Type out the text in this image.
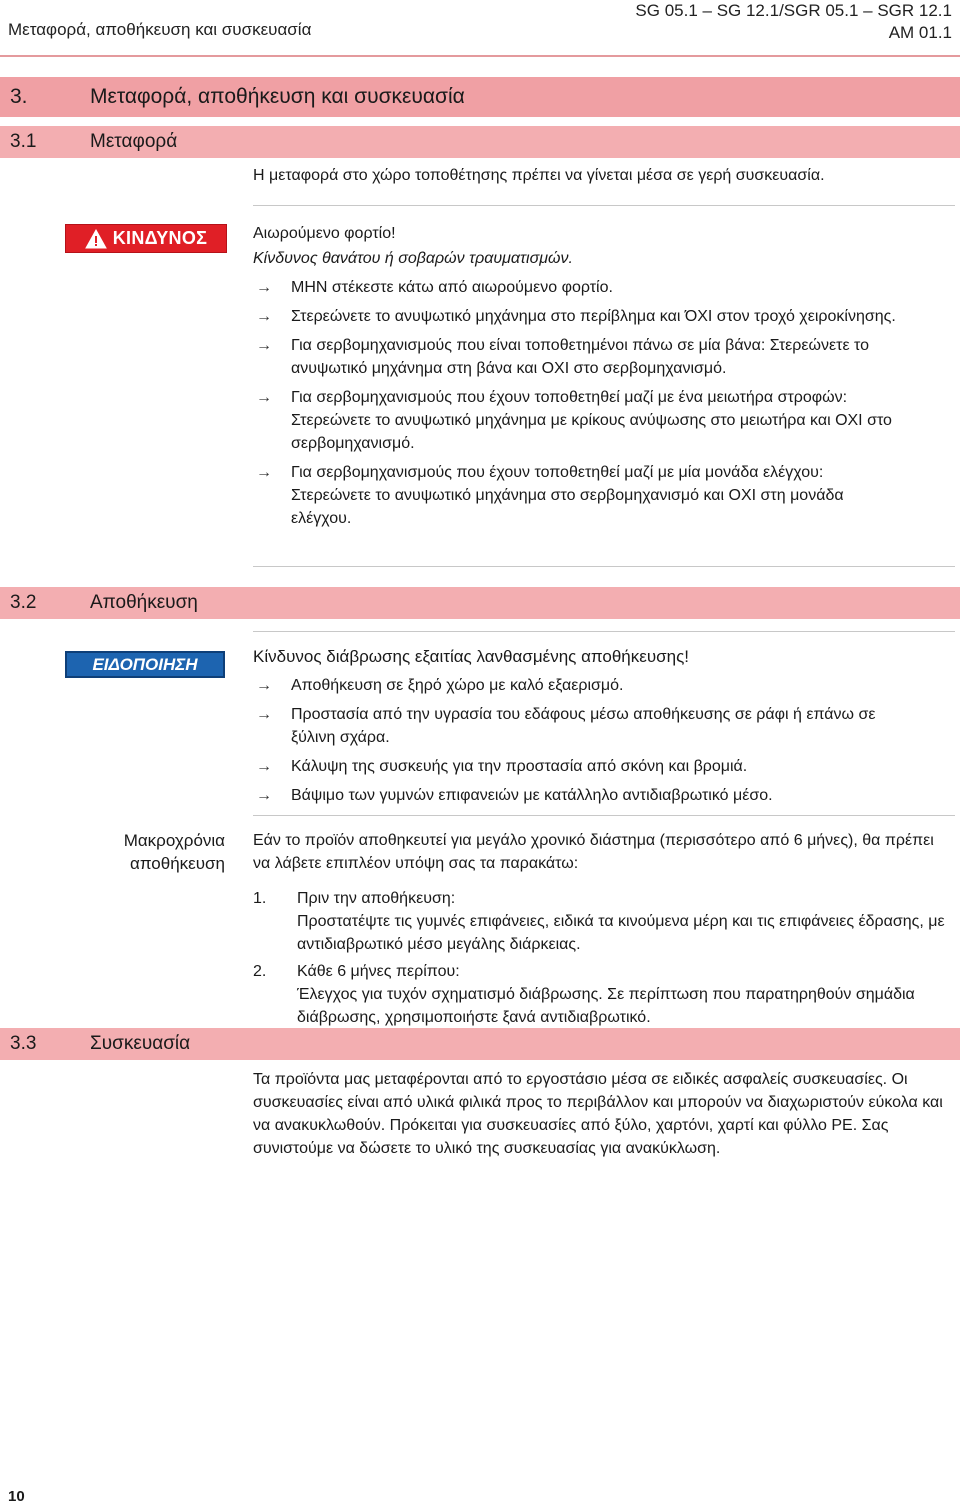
Μεταφορά, αποθήκευση και συσκευασία
SG 05.1 – SG 12.1/SGR 05.1 – SGR 12.1
AM 01.1
3.	Μεταφορά, αποθήκευση και συσκευασία
3.1	Μεταφορά
Η μεταφορά στο χώρο τοποθέτησης πρέπει να γίνεται μέσα σε γερή συσκευασία.
ΚΙΝΔΥΝΟΣ	Αιωρούμενο φορτίο!
Κίνδυνος θανάτου ή σοβαρών τραυματισμών.
→	ΜΗΝ στέκεστε κάτω από αιωρούμενο φορτίο.
→	Στερεώνετε το ανυψωτικό μηχάνημα στο περίβλημα και ΌΧΙ στον τροχό χειροκίνησης.
→	Για σερβομηχανισμούς που είναι τοποθετημένοι πάνω σε μία βάνα: Στερεώνετε το ανυψωτικό μηχάνημα στη βάνα και ΟΧΙ στο σερβομηχανισμό.
→	Για σερβομηχανισμούς που έχουν τοποθετηθεί μαζί με ένα μειωτήρα στροφών: Στερεώνετε το ανυψωτικό μηχάνημα με κρίκους ανύψωσης στο μειωτήρα και ΟΧΙ στο σερβομηχανισμό.
→	Για σερβομηχανισμούς που έχουν τοποθετηθεί μαζί με μία μονάδα ελέγχου: Στερεώνετε το ανυψωτικό μηχάνημα στο σερβομηχανισμό και ΟΧΙ στη μονάδα ελέγχου.
3.2	Αποθήκευση
ΕΙΔΟΠΟΙΗΣΗ	Κίνδυνος διάβρωσης εξαιτίας λανθασμένης αποθήκευσης!
→	Αποθήκευση σε ξηρό χώρο με καλό εξαερισμό.
→	Προστασία από την υγρασία του εδάφους μέσω αποθήκευσης σε ράφι ή επάνω σε ξύλινη σχάρα.
→	Κάλυψη της συσκευής για την προστασία από σκόνη και βρομιά.
→	Βάψιμο των γυμνών επιφανειών με κατάλληλο αντιδιαβρωτικό μέσο.
Μακροχρόνια
αποθήκευση
Εάν το προϊόν αποθηκευτεί για μεγάλο χρονικό διάστημα (περισσότερο από 6 μήνες), θα πρέπει να λάβετε επιπλέον υπόψη σας τα παρακάτω:
1. Πριν την αποθήκευση:
Προστατέψτε τις γυμνές επιφάνειες, ειδικά τα κινούμενα μέρη και τις επιφάνειες έδρασης, με αντιδιαβρωτικό μέσο μεγάλης διάρκειας.
2. Κάθε 6 μήνες περίπου:
Έλεγχος για τυχόν σχηματισμό διάβρωσης. Σε περίπτωση που παρατηρηθούν σημάδια διάβρωσης, χρησιμοποιήστε ξανά αντιδιαβρωτικό.
3.3	Συσκευασία
Τα προϊόντα μας μεταφέρονται από το εργοστάσιο μέσα σε ειδικές ασφαλείς συσκευασίες. Οι συσκευασίες είναι από υλικά φιλικά προς το περιβάλλον και μπορούν να διαχωριστούν εύκολα και να ανακυκλωθούν. Πρόκειται για συσκευασίες από ξύλο, χαρτόνι, χαρτί και φύλλο PE. Σας συνιστούμε να δώσετε το υλικό της συσκευασίας για ανακύκλωση.
10
